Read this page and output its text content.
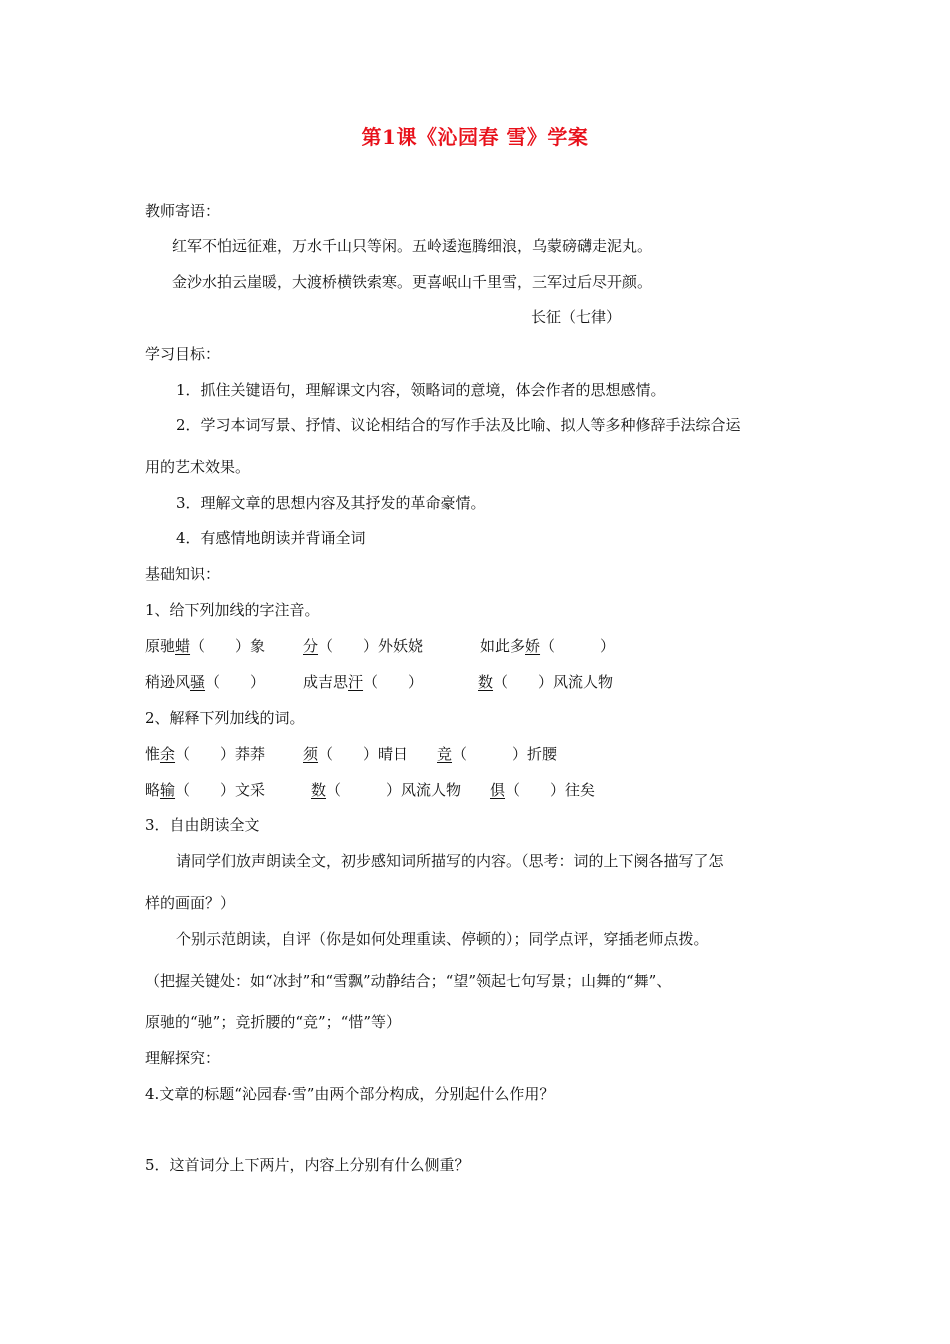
第1课《沁园春 雪》学案
教师寄语：
红军不怕远征难，万水千山只等闲。五岭逶迤腾细浪，乌蒙磅礴走泥丸。
金沙水拍云崖暖，大渡桥横铁索寒。更喜岷山千里雪，三军过后尽开颜。
长征（七律）
学习目标：
1．抓住关键语句，理解课文内容，领略词的意境，体会作者的思想感情。
2．学习本词写景、抒情、议论相结合的写作手法及比喻、拟人等多种修辞手法综合运
用的艺术效果。
3．理解文章的思想内容及其抒发的革命豪情。
4．有感情地朗读并背诵全词
基础知识：
1、给下列加线的字注音。
原驰蜡（　　）象	分（　　）外妖娆	如此多娇（　　　）
稍逊风骚（　　）	成吉思汗（　　）	数（　　）风流人物
2、解释下列加线的词。
惟余（　　）莽莽	须（　　）晴日 竞（　　　）折腰
略输（　　）文采	数（　　　）风流人物 俱（　　）往矣
3．自由朗读全文
请同学们放声朗读全文，初步感知词所描写的内容。（思考：词的上下阕各描写了怎
样的画面？）
个别示范朗读，自评（你是如何处理重读、停顿的）；同学点评，穿插老师点拨。
（把握关键处：如“冰封”和“雪飘”动静结合；“望”领起七句写景；山舞的“舞”、
原驰的“驰”；竞折腰的“竞”；“惜”等）
理解探究：
4.文章的标题“沁园春·雪”由两个部分构成，分别起什么作用？
5．这首词分上下两片，内容上分别有什么侧重？
